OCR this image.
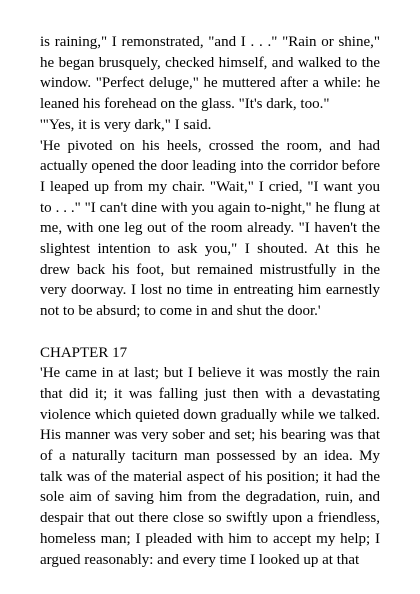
is raining," I remonstrated, "and I . . ." "Rain or shine," he began brusquely, checked himself, and walked to the window. "Perfect deluge," he muttered after a while: he leaned his forehead on the glass. "It's dark, too."

'"Yes, it is very dark," I said.

'He pivoted on his heels, crossed the room, and had actually opened the door leading into the corridor before I leaped up from my chair. "Wait," I cried, "I want you to . . ." "I can't dine with you again to-night," he flung at me, with one leg out of the room already. "I haven't the slightest intention to ask you," I shouted. At this he drew back his foot, but remained mistrustfully in the very doorway. I lost no time in entreating him earnestly not to be absurd; to come in and shut the door.'

CHAPTER 17

'He came in at last; but I believe it was mostly the rain that did it; it was falling just then with a devastating violence which quieted down gradually while we talked. His manner was very sober and set; his bearing was that of a naturally taciturn man possessed by an idea. My talk was of the material aspect of his position; it had the sole aim of saving him from the degradation, ruin, and despair that out there close so swiftly upon a friendless, homeless man; I pleaded with him to accept my help; I argued reasonably: and every time I looked up at that
